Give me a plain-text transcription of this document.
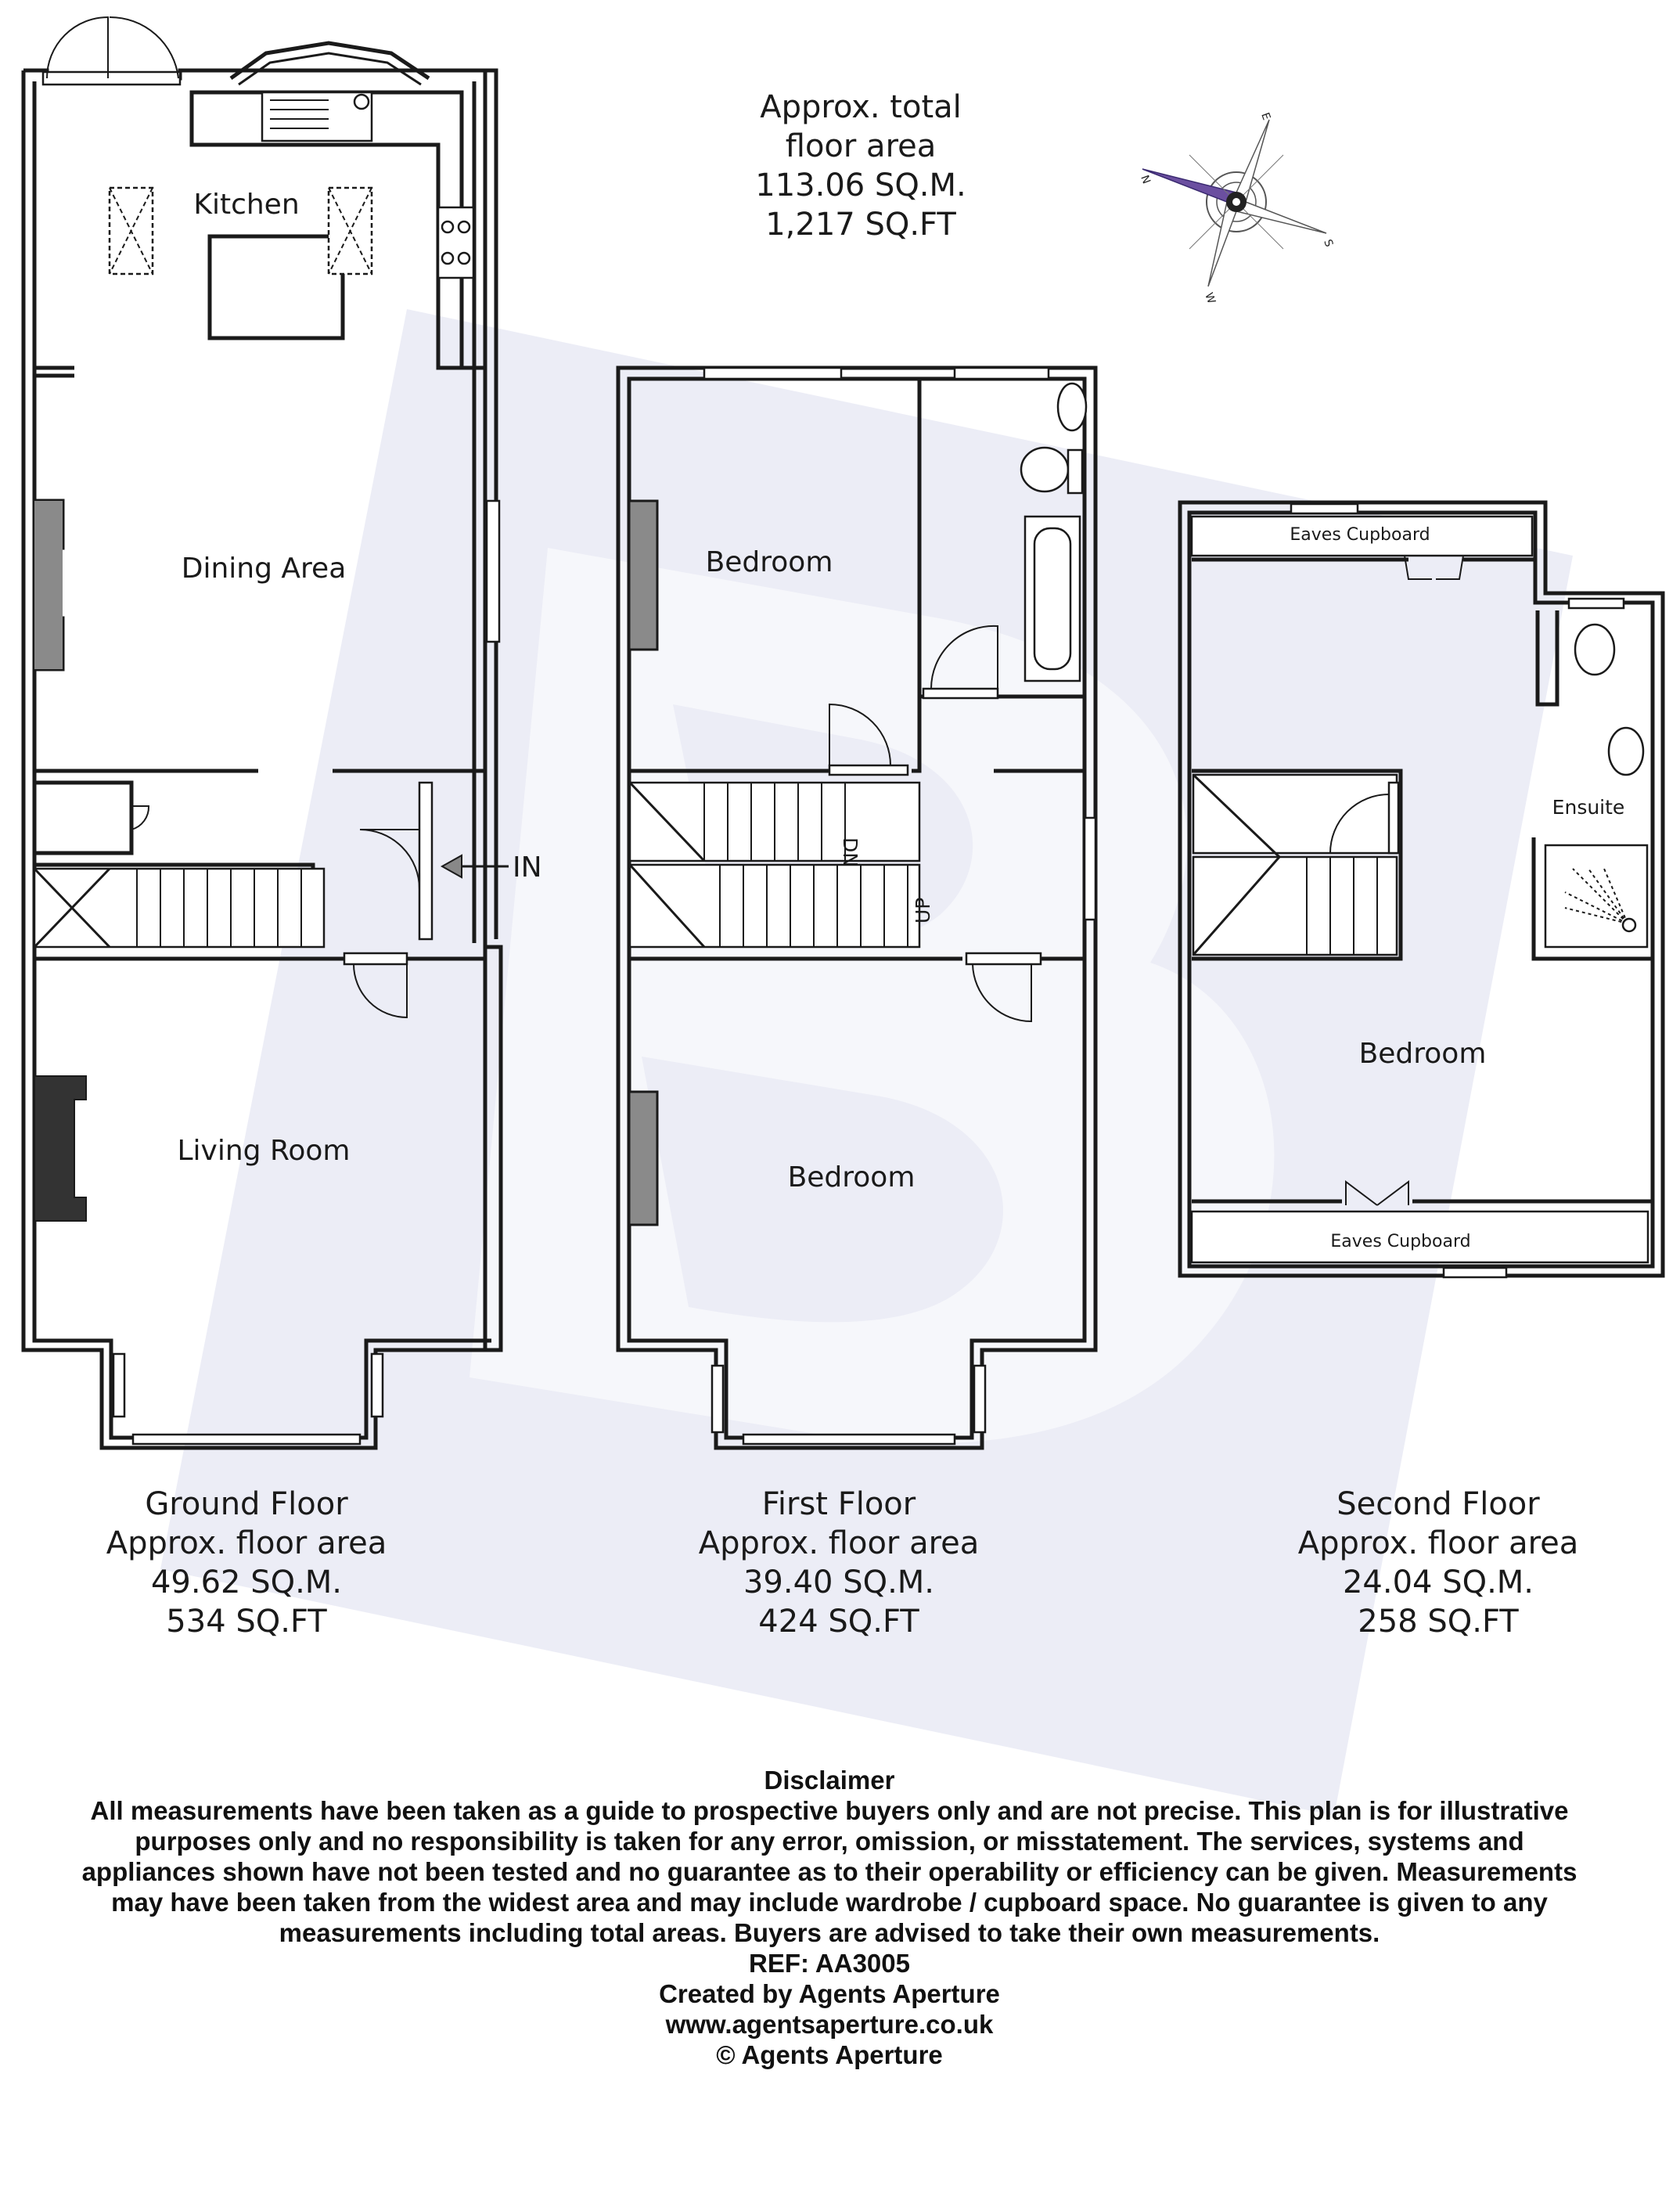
Kitchen
Dining Area
Living Room
IN
Bedroom
Bedroom
DN
UP
Eaves Cupboard
Bedroom
Ensuite
Eaves Cupboard
N
E
S
W
Approx. total
floor area
113.06 SQ.M.
1,217 SQ.FT
Ground Floor
Approx. floor area
49.62 SQ.M.
534 SQ.FT
First Floor
Approx. floor area
39.40 SQ.M.
424 SQ.FT
Second Floor
Approx. floor area
24.04 SQ.M.
258 SQ.FT
Disclaimer
All measurements have been taken as a guide to prospective buyers only and are not precise. This plan is for illustrative purposes only and no responsibility is taken for any error, omission, or misstatement. The services, systems and appliances shown have not been tested and no guarantee as to their operability or efficiency can be given. Measurements may have been taken from the widest area and may include wardrobe / cupboard space. No guarantee is given to any measurements including total areas. Buyers are advised to take their own measurements.
REF: AA3005
Created by Agents Aperture
www.agentsaperture.co.uk
© Agents Aperture
